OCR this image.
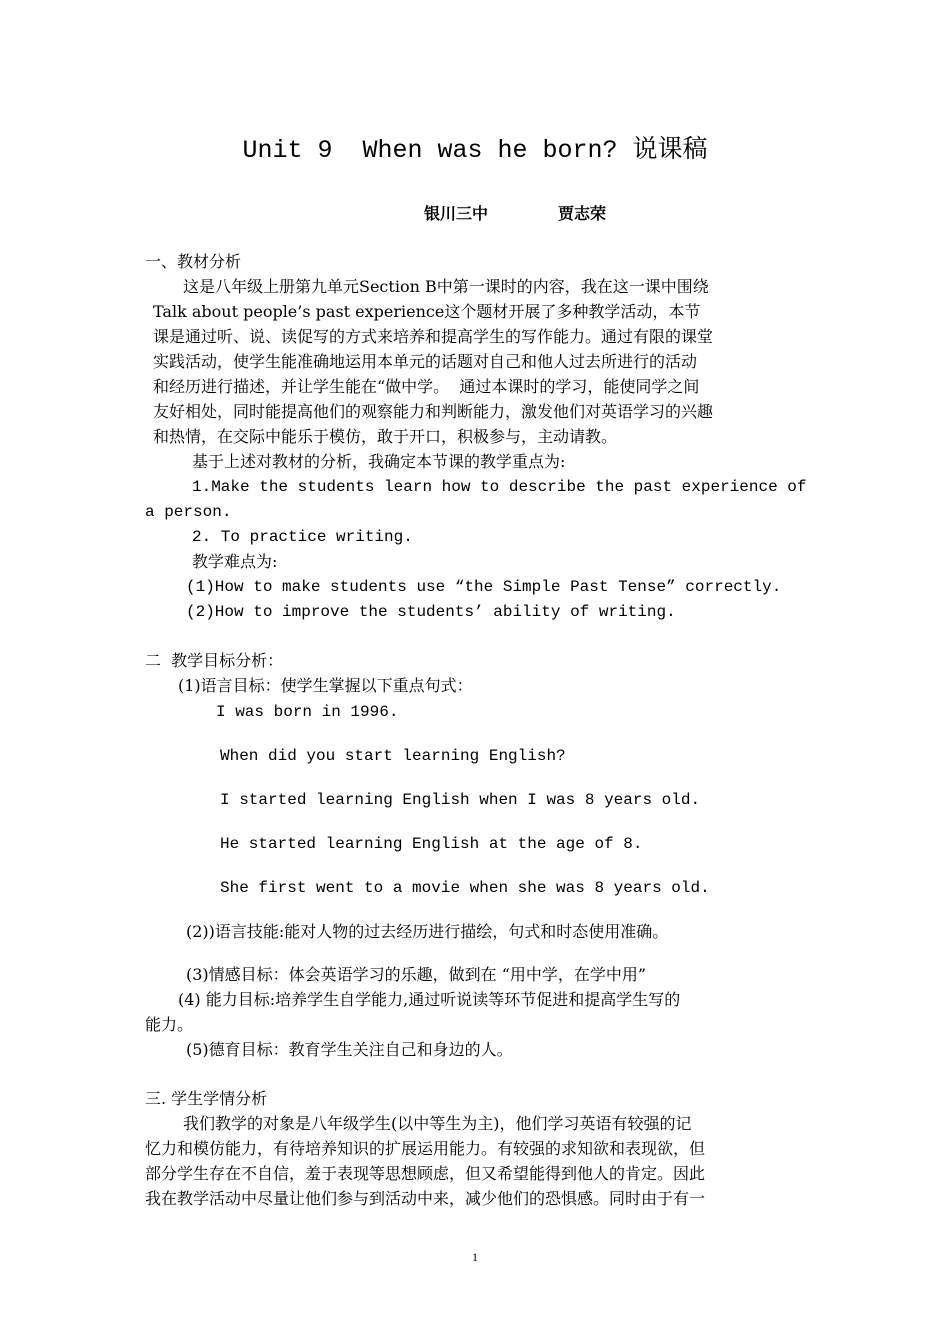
Unit 9  When was he born? 说课稿
银川三中	贾志荣
一、教材分析
这是八年级上册第九单元Section B中第一课时的内容，我在这一课中围绕
Talk about people’s past experience这个题材开展了多种教学活动，本节
课是通过听、说、读促写的方式来培养和提高学生的写作能力。通过有限的课堂
实践活动，使学生能准确地运用本单元的话题对自己和他人过去所进行的活动
和经历进行描述，并让学生能在“做中学。  通过本课时的学习，能使同学之间
友好相处，同时能提高他们的观察能力和判断能力，激发他们对英语学习的兴趣
和热情，在交际中能乐于模仿，敢于开口，积极参与，主动请教。
基于上述对教材的分析，我确定本节课的教学重点为:
1.Make the students learn how to describe the past experience of
a person.
2. To practice writing.
教学难点为:
(1)How to make students use “the Simple Past Tense” correctly.
(2)How to improve the students’ ability of writing.
二  教学目标分析：
(1)语言目标：使学生掌握以下重点句式：
I was born in 1996.
When did you start learning English?
I started learning English when I was 8 years old.
He started learning English at the age of 8.
She first went to a movie when she was 8 years old.
(2))语言技能:能对人物的过去经历进行描绘，句式和时态使用准确。
(3)情感目标：体会英语学习的乐趣，做到在 “用中学，在学中用”
(4) 能力目标:培养学生自学能力,通过听说读等环节促进和提高学生写的
能力。
(5)德育目标：教育学生关注自己和身边的人。
三. 学生学情分析
我们教学的对象是八年级学生(以中等生为主)，他们学习英语有较强的记
忆力和模仿能力，有待培养知识的扩展运用能力。有较强的求知欲和表现欲，但
部分学生存在不自信，羞于表现等思想顾虑，但又希望能得到他人的肯定。因此
我在教学活动中尽量让他们参与到活动中来，减少他们的恐惧感。同时由于有一
1
